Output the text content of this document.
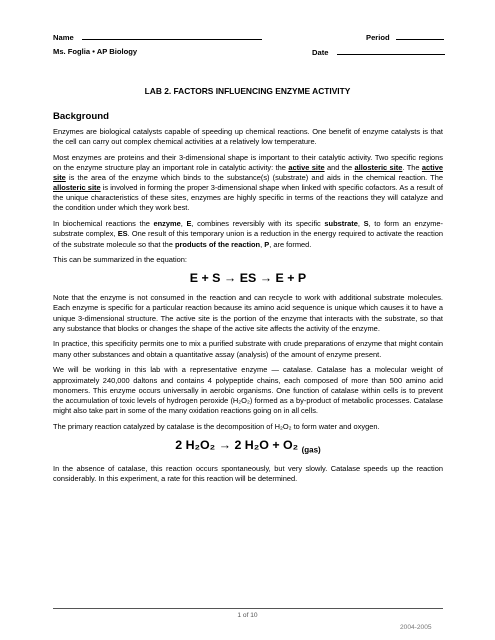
Name	Period
Ms. Foglia • AP Biology	Date
LAB 2. FACTORS INFLUENCING ENZYME ACTIVITY
Background

Enzymes are biological catalysts capable of speeding up chemical reactions. One benefit of enzyme catalysts is that the cell can carry out complex chemical activities at a relatively low temperature.

Most enzymes are proteins and their 3-dimensional shape is important to their catalytic activity. Two specific regions on the enzyme structure play an important role in catalytic activity: the active site and the allosteric site. The active site is the area of the enzyme which binds to the substance(s) (substrate) and aids in the chemical reaction. The allosteric site is involved in forming the proper 3-dimensional shape when linked with specific cofactors. As a result of the unique characteristics of these sites, enzymes are highly specific in terms of the reactions they will catalyze and the condition under which they work best.

In biochemical reactions the enzyme, E, combines reversibly with its specific substrate, S, to form an enzyme-substrate complex, ES. One result of this temporary union is a reduction in the energy required to activate the reaction of the substrate molecule so that the products of the reaction, P, are formed.

This can be summarized in the equation:

E + S → ES → E + P

Note that the enzyme is not consumed in the reaction and can recycle to work with additional substrate molecules. Each enzyme is specific for a particular reaction because its amino acid sequence is unique which causes it to have a unique 3-dimensional structure. The active site is the portion of the enzyme that interacts with the substrate, so that any substance that blocks or changes the shape of the active site affects the activity of the enzyme.

In practice, this specificity permits one to mix a purified substrate with crude preparations of enzyme that might contain many other substances and obtain a quantitative assay (analysis) of the amount of enzyme present.

We will be working in this lab with a representative enzyme — catalase. Catalase has a molecular weight of approximately 240,000 daltons and contains 4 polypeptide chains, each composed of more than 500 amino acid monomers. This enzyme occurs universally in aerobic organisms. One function of catalase within cells is to prevent the accumulation of toxic levels of hydrogen peroxide (H₂O₂) formed as a by-product of metabolic processes. Catalase might also take part in some of the many oxidation reactions going on in all cells.

The primary reaction catalyzed by catalase is the decomposition of H₂O₂ to form water and oxygen.

2 H₂O₂ → 2 H₂O + O₂ $_{(gas)}$

In the absence of catalase, this reaction occurs spontaneously, but very slowly. Catalase speeds up the reaction considerably. In this experiment, a rate for this reaction will be determined.

1 of 10
2004-2005
